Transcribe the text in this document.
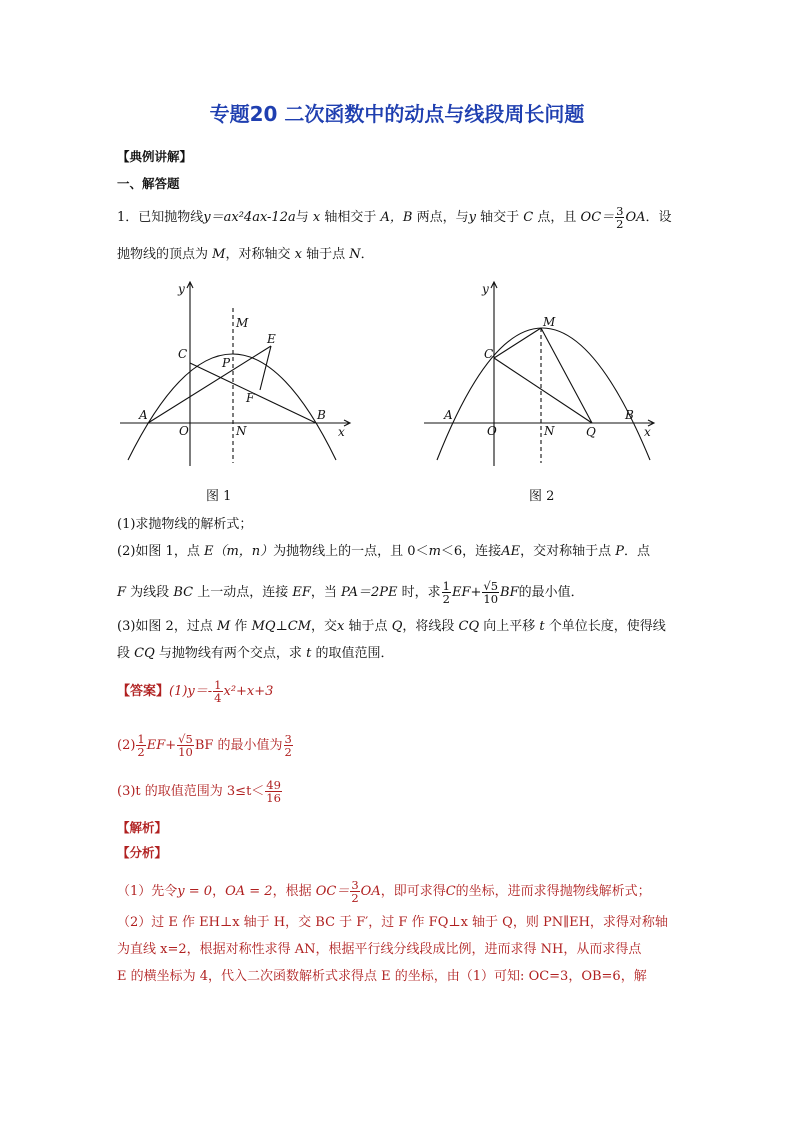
专题20 二次函数中的动点与线段周长问题
【典例讲解】
一、解答题
1．已知抛物线y＝ax²4ax-12a与 x 轴相交于 A，B 两点，与y 轴交于 C 点，且 $OC= \frac{3}{2}$ OA．设
抛物线的顶点为 M，对称轴交 x 轴于点 N．
y
x
M
E
C
P
F
A
O	N
B
图 1
y
x
M
C
A
O	N	Q
B
图 2
(1)求抛物线的解析式；
(2)如图 1，点 E（m，n）为抛物线上的一点，且 0＜m＜6，连接AE，交对称轴于点 P．点
F 为线段 BC 上一动点，连接 EF，当 PA＝2PE 时，求 $\frac{1}{2} EF+ \frac{√5}{10}$ BF的最小值．
(3)如图 2，过点 M 作 MQ⊥CM，交x 轴于点 Q，将线段 CQ 向上平移 t 个单位长度，使得线
段 CQ 与抛物线有两个交点，求 t 的取值范围．
【答案】$(1)y=- \frac{1}{4} x^2+x+3$
$(2) \frac{1}{2} EF+ \frac{√5}{10}$ BF 的最小值为 $\frac{3}{2}$
(3)t 的取值范围为 $3\le t< \frac{49}{16}$
【解析】
【分析】
（1）先令y = 0，OA = 2，根据 $OC= \frac{3}{2}$ OA，即可求得C的坐标，进而求得抛物线解析式；
（2）过 E 作 EH⊥x 轴于 H，交 BC 于 F′，过 F 作 FQ⊥x 轴于 Q，则 PN∥EH，求得对称轴
为直线 x=2，根据对称性求得 AN，根据平行线分线段成比例，进而求得 NH，从而求得点
E 的横坐标为 4，代入二次函数解析式求得点 E 的坐标，由（1）可知: OC=3，OB=6，解
